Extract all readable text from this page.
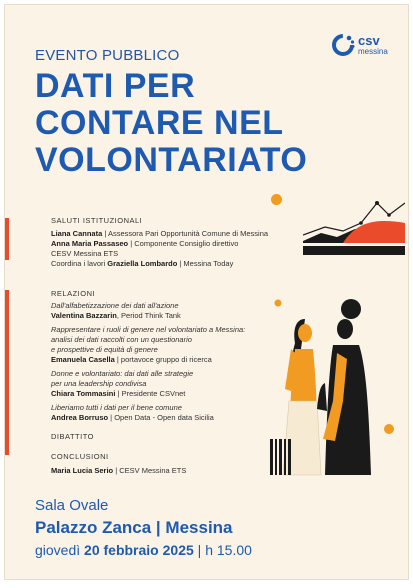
csv
messina
EVENTO PUBBLICO
DATI PER
CONTARE NEL
VOLONTARIATO
SALUTI ISTITUZIONALI
Liana Cannata | Assessora Pari Opportunità Comune di Messina
Anna Maria Passaseo | Componente Consiglio direttivo
CESV Messina ETS
Coordina i lavori Graziella Lombardo | Messina Today
RELAZIONI
Dall'alfabetizzazione dei dati all'azione
Valentina Bazzarin, Period Think Tank
Rappresentare i ruoli di genere nel volontariato a Messina:
analisi dei dati raccolti con un questionario
e prospettive di equità di genere
Emanuela Casella | portavoce gruppo di ricerca
Donne e volontariato: dai dati alle strategie
per una leadership condivisa
Chiara Tommasini | Presidente CSVnet
Liberiamo tutti i dati per il bene comune
Andrea Borruso | Open Data - Open data Sicilia
DIBATTITO
CONCLUSIONI
Maria Lucia Serio | CESV Messina ETS
Sala Ovale
Palazzo Zanca | Messina
giovedì 20 febbraio 2025 | h 15.00
